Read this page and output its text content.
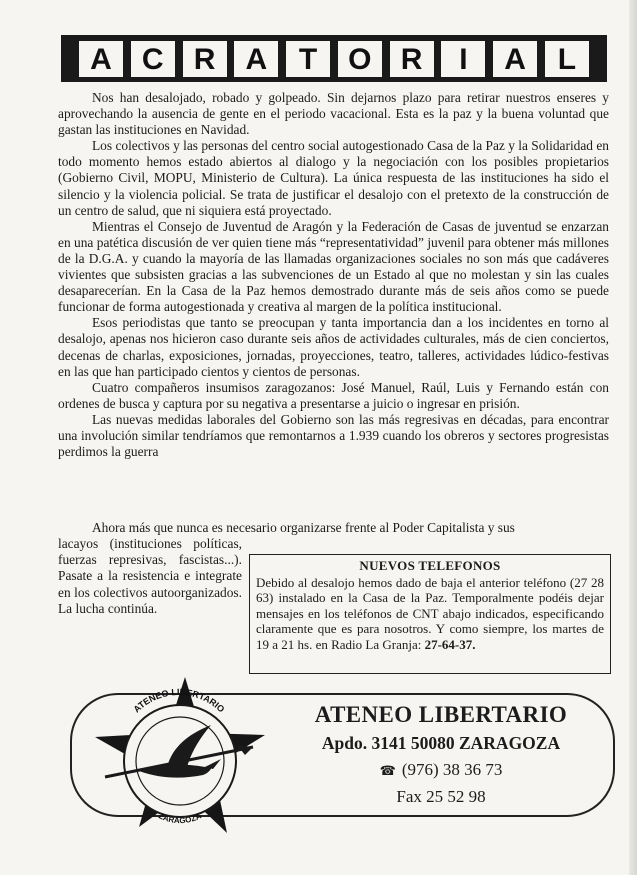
A	C	R	A	T	O R	I	A	L

Nos han desalojado, robado y golpeado. Sin dejarnos plazo para retirar nuestros enseres y aprovechando la ausencia de gente en el periodo vacacional. Esta es la paz y la buena voluntad que gastan las instituciones en Navidad.

Los colectivos y las personas del centro social autogestionado Casa de la Paz y la Solidaridad en todo momento hemos estado abiertos al dialogo y la negociación con los posibles propietarios (Gobierno Civil, MOPU, Ministerio de Cultura). La única respuesta de las instituciones ha sido el silencio y la violencia policial. Se trata de justificar el desalojo con el pretexto de la construcción de un centro de salud, que ni siquiera está proyectado.

Mientras el Consejo de Juventud de Aragón y la Federación de Casas de juventud se enzarzan en una patética discusión de ver quien tiene más “representatividad” juvenil para obtener más millones de la D.G.A. y cuando la mayoría de las llamadas organizaciones sociales no son más que cadáveres vivientes que subsisten gracias a las subvenciones de un Estado al que no molestan y sin las cuales desaparecerían. En la Casa de la Paz hemos demostrado durante más de seis años como se puede funcionar de forma autogestionada y creativa al margen de la política institucional.

Esos periodistas que tanto se preocupan y tanta importancia dan a los incidentes en torno al desalojo, apenas nos hicieron caso durante seis años de actividades culturales, más de cien conciertos, decenas de charlas, exposiciones, jornadas, proyecciones, teatro, talleres, actividades lúdico-festivas en las que han participado cientos y cientos de personas.

Cuatro compañeros insumisos zaragozanos: José Manuel, Raúl, Luis y Fernando están con ordenes de busca y captura por su negativa a presentarse a juicio o ingresar en prisión.

Las nuevas medidas laborales del Gobierno son las más regresivas en décadas, para encontrar una involución similar tendríamos que remontarnos a 1.939 cuando los obreros y sectores progresistas perdimos la guerra

Ahora más que nunca es necesario organizarse frente al Poder Capitalista y sus
lacayos (instituciones políticas, fuerzas represivas, fascistas...). Pasate a la resistencia e integrate en los colectivos autoorganizados. La lucha continúa.
NUEVOS TELEFONOS
Debido al desalojo hemos dado de baja el anterior teléfono (27 28 63) instalado en la Casa de la Paz. Temporalmente podéis dejar mensajes en los teléfonos de CNT abajo indicados, especificando claramente que es para nosotros. Y como siempre, los martes de 19 a 21 hs. en Radio La Granja: 27-64-37.
ATENEO LIBERTARIO
ZARAGOZA
ATENEO LIBERTARIO
Apdo. 3141 50080 ZARAGOZA
☎ (976) 38 36 73
Fax 25 52 98
